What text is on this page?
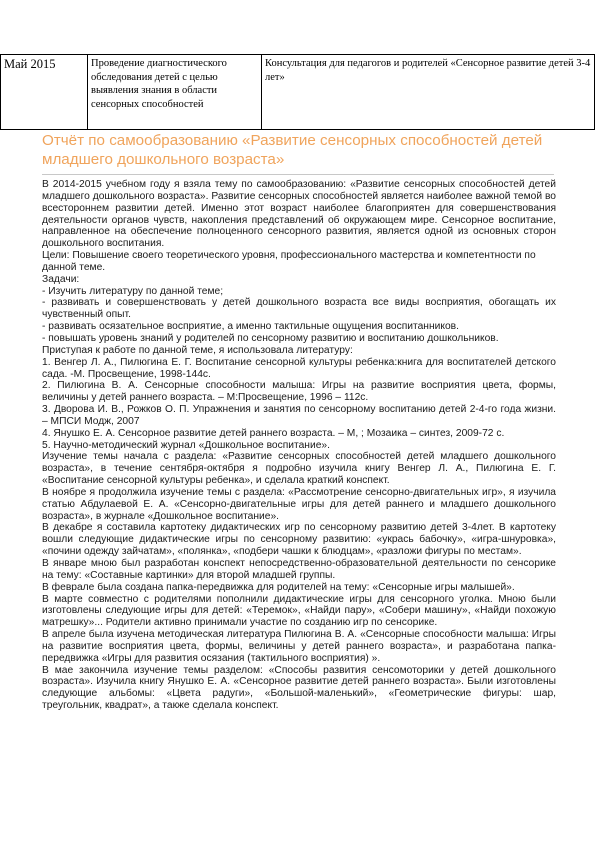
Май 2015	Проведение диагностического обследования детей с целью выявления знания в области сенсорных способностей	Консультация для педагогов и родителей «Сенсорное развитие детей 3-4 лет»
Отчёт по самообразованию «Развитие сенсорных способностей детей младшего дошкольного возраста»

В 2014-2015 учебном году я взяла тему по самообразованию: «Развитие сенсорных способностей детей младшего дошкольного возраста». Развитие сенсорных способностей является наиболее важной темой во всестороннем развитии детей. Именно этот возраст наиболее благоприятен для совершенствования деятельности органов чувств, накопления представлений об окружающем мире. Сенсорное воспитание, направленное на обеспечение полноценного сенсорного развития, является одной из основных сторон дошкольного воспитания.

Цели: Повышение своего теоретического уровня, профессионального мастерства и компетентности по данной теме.

Задачи:

- Изучить литературу по данной теме;

- развивать и совершенствовать у детей дошкольного возраста все виды восприятия, обогащать их чувственный опыт.

- развивать осязательное восприятие, а именно тактильные ощущения воспитанников.

- повышать уровень знаний у родителей по сенсорному развитию и воспитанию дошкольников.

Приступая к работе по данной теме, я использовала литературу:

1. Венгер Л. А., Пилюгина Е. Г. Воспитание сенсорной культуры ребенка:книга для воспитателей детского сада. -М. Просвещение, 1998-144с.

2. Пилюгина В. А. Сенсорные способности малыша: Игры на развитие восприятия цвета, формы, величины у детей раннего возраста. – М:Просвещение, 1996 – 112с.

3. Дворова И. В., Рожков О. П. Упражнения и занятия по сенсорному воспитанию детей 2-4-го года жизни. – МПСИ Модж, 2007

4. Янушко Е. А. Сенсорное развитие детей раннего возраста. – М, ; Мозаика – синтез, 2009-72 с.

5. Научно-методический журнал «Дошкольное воспитание».

Изучение темы начала с раздела: «Развитие сенсорных способностей детей младшего дошкольного возраста», в течение сентября-октября я подробно изучила книгу Венгер Л. А., Пилюгина Е. Г. «Воспитание сенсорной культуры ребенка», и сделала краткий конспект.

В ноябре я продолжила изучение темы с раздела: «Рассмотрение сенсорно-двигательных игр», я изучила статью Абдулаевой Е. А. «Сенсорно-двигательные игры для детей раннего и младшего дошкольного возраста», в журнале «Дошкольное воспитание».

В декабре я составила картотеку дидактических игр по сенсорному развитию детей 3-4лет. В картотеку вошли следующие дидактические игры по сенсорному развитию: «укрась бабочку», «игра-шнуровка», «почини одежду зайчатам», «полянка», «подбери чашки к блюдцам», «разложи фигуры по местам».

В январе мною был разработан конспект непосредственно-образовательной деятельности по сенсорике на тему: «Составные картинки» для второй младшей группы.

В феврале была создана папка-передвижка для родителей на тему: «Сенсорные игры малышей».

В марте совместно с родителями пополнили дидактические игры для сенсорного уголка. Мною были изготовлены следующие игры для детей: «Теремок», «Найди пару», «Собери машину», «Найди похожую матрешку»... Родители активно принимали участие по созданию игр по сенсорике.

В апреле была изучена методическая литература Пилюгина В. А. «Сенсорные способности малыша: Игры на развитие восприятия цвета, формы, величины у детей раннего возраста», и разработана папка-передвижка «Игры для развития осязания (тактильного восприятия) ».

В мае закончила изучение темы разделом: «Способы развития сенсомоторики у детей дошкольного возраста». Изучила книгу Янушко Е. А. «Сенсорное развитие детей раннего возраста». Были изготовлены следующие альбомы: «Цвета радуги», «Большой-маленький», «Геометрические фигуры: шар, треугольник, квадрат», а также сделала конспект.
